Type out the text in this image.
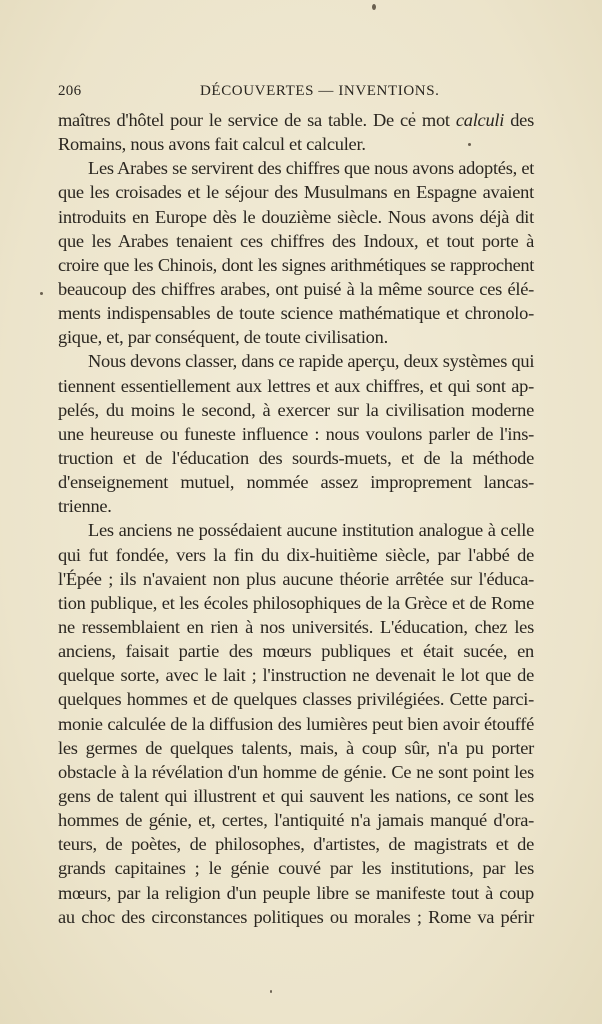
206	DÉCOUVERTES — INVENTIONS.
maîtres d'hôtel pour le service de sa table. De ce mot calculi des
Romains, nous avons fait calcul et calculer.
Les Arabes se servirent des chiffres que nous avons adoptés, et
que les croisades et le séjour des Musulmans en Espagne avaient
introduits en Europe dès le douzième siècle. Nous avons déjà dit
que les Arabes tenaient ces chiffres des Indoux, et tout porte à
croire que les Chinois, dont les signes arithmétiques se rapprochent
beaucoup des chiffres arabes, ont puisé à la même source ces élé-
ments indispensables de toute science mathématique et chronolo-
gique, et, par conséquent, de toute civilisation.
Nous devons classer, dans ce rapide aperçu, deux systèmes qui
tiennent essentiellement aux lettres et aux chiffres, et qui sont ap-
pelés, du moins le second, à exercer sur la civilisation moderne
une heureuse ou funeste influence : nous voulons parler de l'ins-
truction et de l'éducation des sourds-muets, et de la méthode
d'enseignement mutuel, nommée assez improprement lancas-
trienne.
Les anciens ne possédaient aucune institution analogue à celle
qui fut fondée, vers la fin du dix-huitième siècle, par l'abbé de
l'Épée ; ils n'avaient non plus aucune théorie arrêtée sur l'éduca-
tion publique, et les écoles philosophiques de la Grèce et de Rome
ne ressemblaient en rien à nos universités. L'éducation, chez les
anciens, faisait partie des mœurs publiques et était sucée, en
quelque sorte, avec le lait ; l'instruction ne devenait le lot que de
quelques hommes et de quelques classes privilégiées. Cette parci-
monie calculée de la diffusion des lumières peut bien avoir étouffé
les germes de quelques talents, mais, à coup sûr, n'a pu porter
obstacle à la révélation d'un homme de génie. Ce ne sont point les
gens de talent qui illustrent et qui sauvent les nations, ce sont les
hommes de génie, et, certes, l'antiquité n'a jamais manqué d'ora-
teurs, de poètes, de philosophes, d'artistes, de magistrats et de
grands capitaines ; le génie couvé par les institutions, par les
mœurs, par la religion d'un peuple libre se manifeste tout à coup
au choc des circonstances politiques ou morales ; Rome va périr
